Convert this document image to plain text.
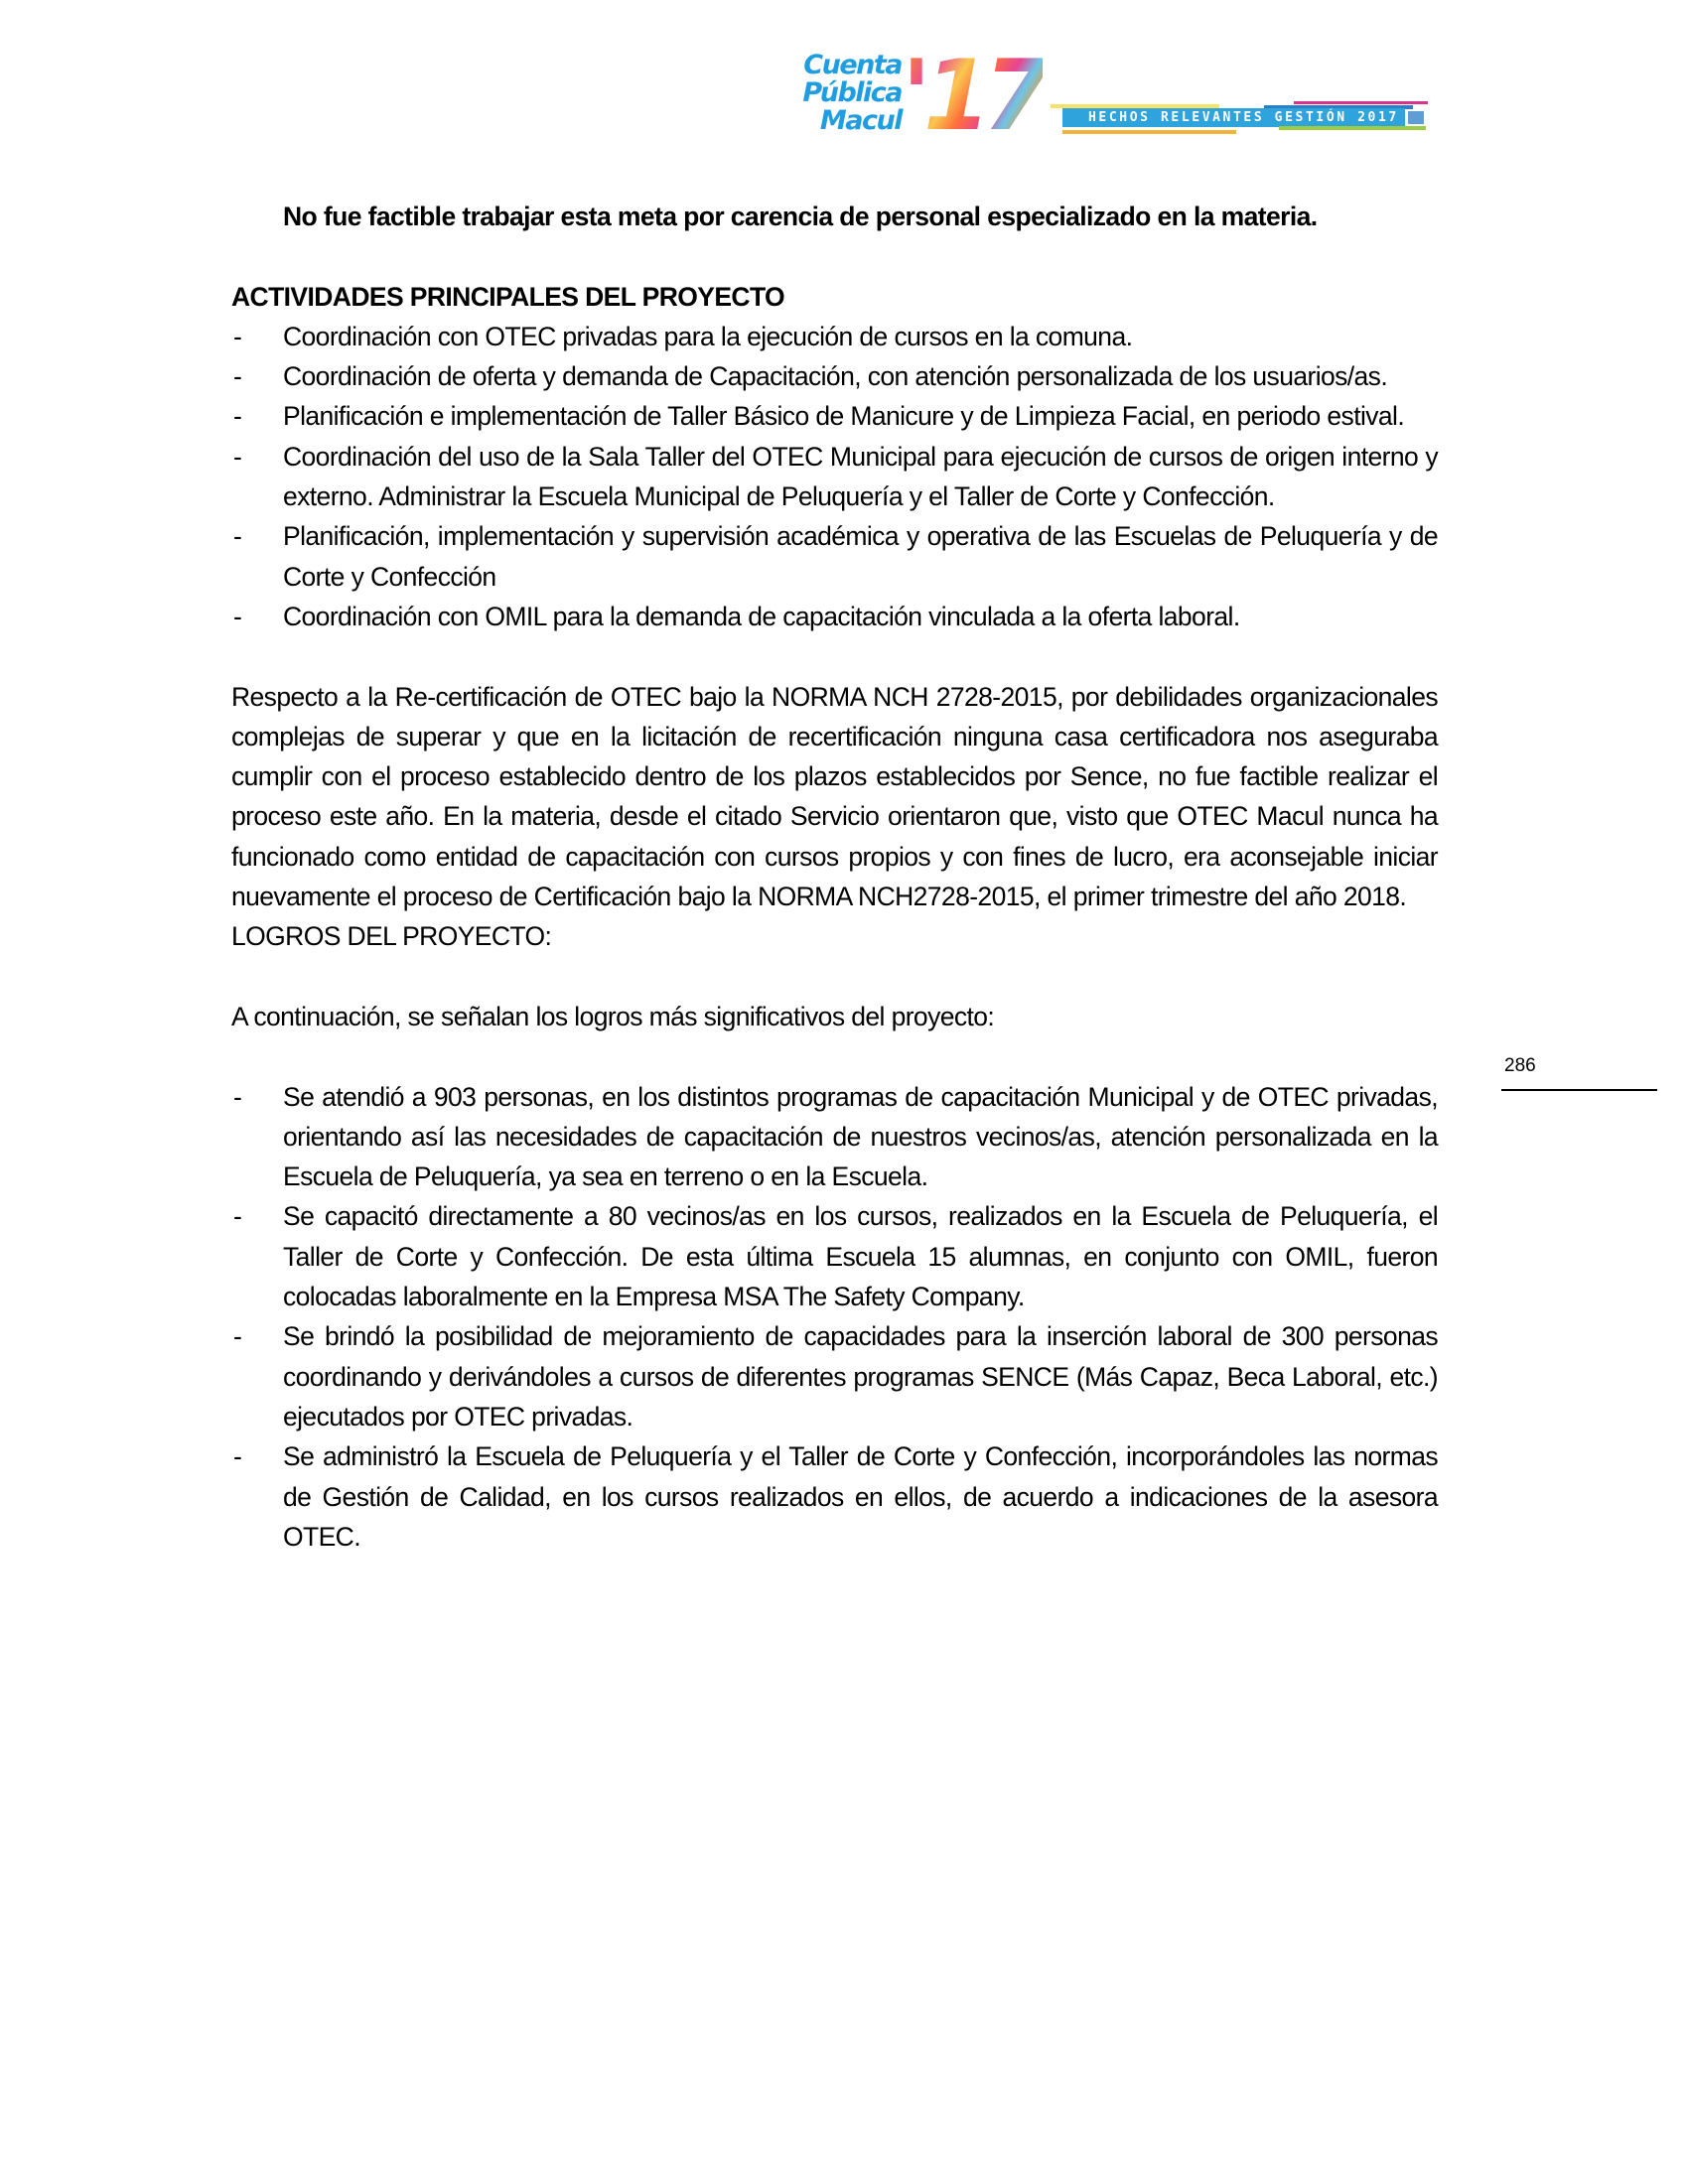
Cuenta
Pública
Macul '17	HECHOS RELEVANTES GESTIÓN 2017

No fue factible trabajar esta meta por carencia de personal especializado en la materia.

ACTIVIDADES PRINCIPALES DEL PROYECTO

- Coordinación con OTEC privadas para la ejecución de cursos en la comuna.
- Coordinación de oferta y demanda de Capacitación, con atención personalizada de los usuarios/as.
- Planificación e implementación de Taller Básico de Manicure y de Limpieza Facial, en periodo estival.
- Coordinación del uso de la Sala Taller del OTEC Municipal para ejecución de cursos de origen interno y externo. Administrar la Escuela Municipal de Peluquería y el Taller de Corte y Confección.
- Planificación, implementación y supervisión académica y operativa de las Escuelas de Peluquería y de Corte y Confección
- Coordinación con OMIL para la demanda de capacitación vinculada a la oferta laboral.

Respecto a la Re-certificación de OTEC bajo la NORMA NCH 2728-2015, por debilidades organizacionales complejas de superar y que en la licitación de recertificación ninguna casa certificadora nos aseguraba cumplir con el proceso establecido dentro de los plazos establecidos por Sence, no fue factible realizar el proceso este año. En la materia, desde el citado Servicio orientaron que, visto que OTEC Macul nunca ha funcionado como entidad de capacitación con cursos propios y con fines de lucro, era aconsejable iniciar nuevamente el proceso de Certificación bajo la NORMA NCH2728-2015, el primer trimestre del año 2018.

LOGROS DEL PROYECTO:

A continuación, se señalan los logros más significativos del proyecto:

- Se atendió a 903 personas, en los distintos programas de capacitación Municipal y de OTEC privadas, orientando así las necesidades de capacitación de nuestros vecinos/as, atención personalizada en la Escuela de Peluquería, ya sea en terreno o en la Escuela.
- Se capacitó directamente a 80 vecinos/as en los cursos, realizados en la Escuela de Peluquería, el Taller de Corte y Confección. De esta última Escuela 15 alumnas, en conjunto con OMIL, fueron colocadas laboralmente en la Empresa MSA The Safety Company.
- Se brindó la posibilidad de mejoramiento de capacidades para la inserción laboral de 300 personas coordinando y derivándoles a cursos de diferentes programas SENCE (Más Capaz, Beca Laboral, etc.) ejecutados por OTEC privadas.
- Se administró la Escuela de Peluquería y el Taller de Corte y Confección, incorporándoles las normas de Gestión de Calidad, en los cursos realizados en ellos, de acuerdo a indicaciones de la asesora OTEC.
286
